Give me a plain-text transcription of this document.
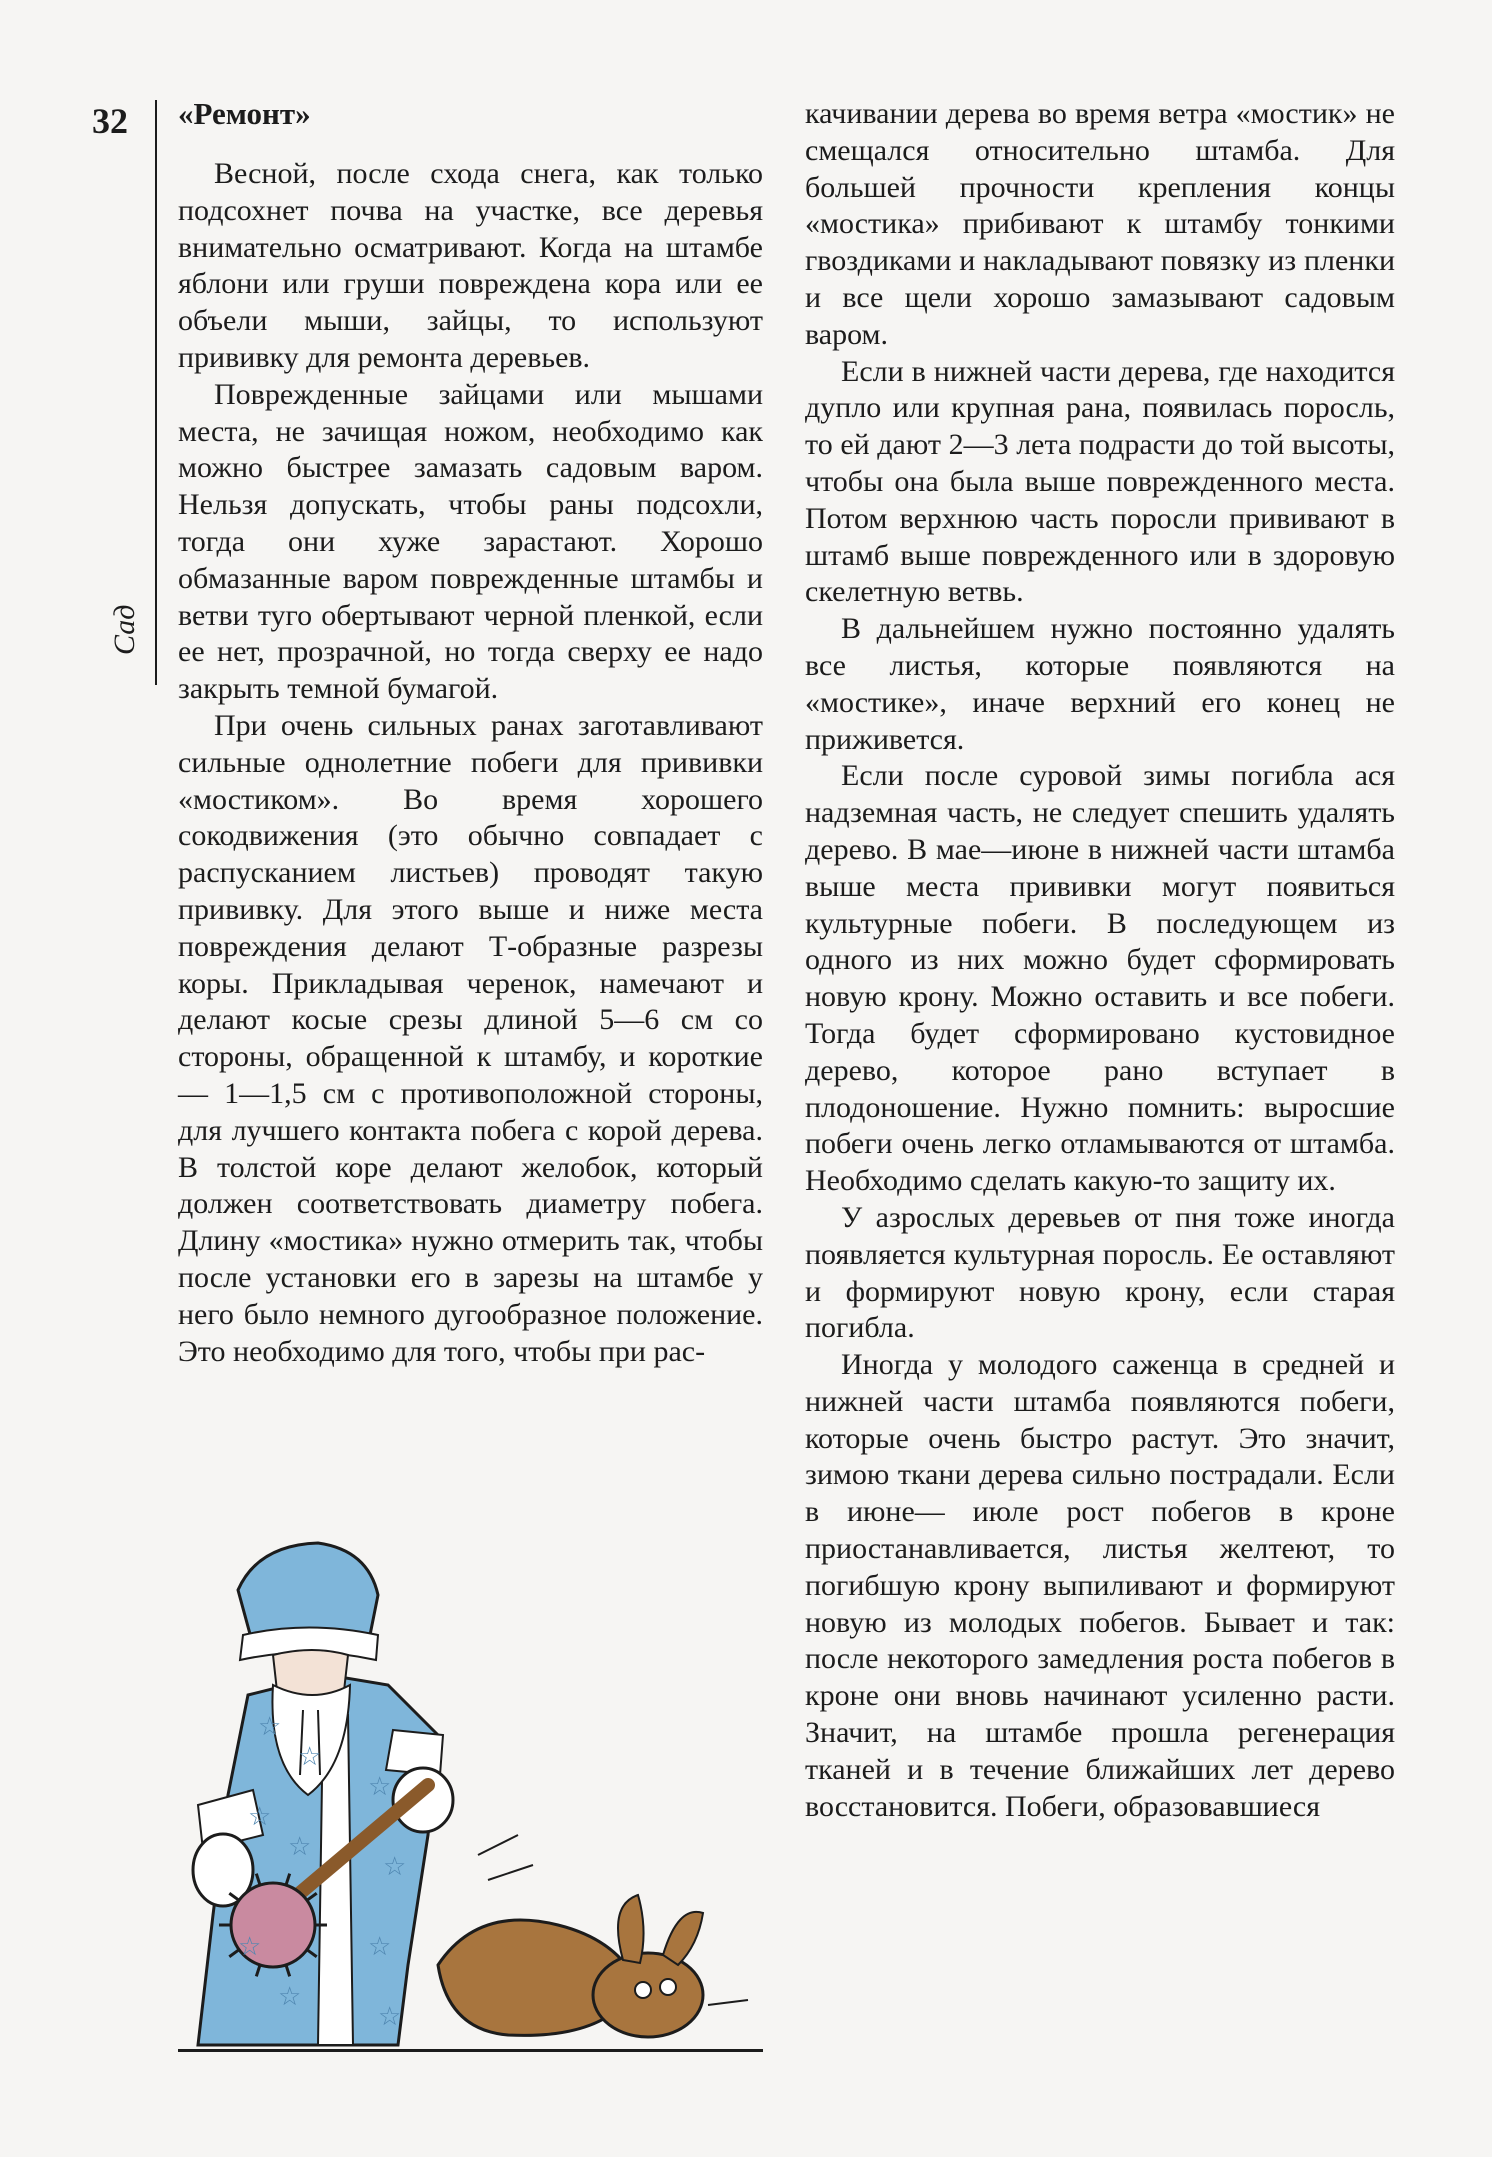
32
Сад
«Ремонт»

Весной, после схода снега, как только подсохнет почва на участке, все деревья внимательно осматривают. Когда на штамбе яблони или груши повреждена кора или ее объели мыши, зайцы, то используют прививку для ремонта деревьев.

Поврежденные зайцами или мышами места, не зачищая ножом, необходимо как можно быстрее замазать садовым варом. Нельзя допускать, чтобы раны подсохли, тогда они хуже зарастают. Хорошо обмазанные варом поврежденные штамбы и ветви туго обертывают черной пленкой, если ее нет, прозрачной, но тогда сверху ее надо закрыть темной бумагой.

При очень сильных ранах заготавливают сильные однолетние побеги для прививки «мостиком». Во время хорошего сокодвижения (это обычно совпадает с распусканием листьев) проводят такую прививку. Для этого выше и ниже места повреждения делают Т-образные разрезы коры. Прикладывая черенок, намечают и делают косые срезы длиной 5—6 см со стороны, обращенной к штамбу, и короткие — 1—1,5 см с противоположной стороны, для лучшего контакта побега с корой дерева. В толстой коре делают желобок, который должен соответствовать диаметру побега. Длину «мостика» нужно отмерить так, чтобы после установки его в зарезы на штамбе у него было немного дугообразное положение. Это необходимо для того, чтобы при рас-

качивании дерева во время ветра «мостик» не смещался относительно штамба. Для большей прочности крепления концы «мостика» прибивают к штамбу тонкими гвоздиками и накладывают повязку из пленки и все щели хорошо замазывают садовым варом.

Если в нижней части дерева, где находится дупло или крупная рана, появилась поросль, то ей дают 2—3 лета подрасти до той высоты, чтобы она была выше поврежденного места. Потом верхнюю часть поросли прививают в штамб выше поврежденного или в здоровую скелетную ветвь.

В дальнейшем нужно постоянно удалять все листья, которые появляются на «мостике», иначе верхний его конец не приживется.

Если после суровой зимы погибла ася надземная часть, не следует спешить удалять дерево. В мае—июне в нижней части штамба выше места прививки могут появиться культурные побеги. В последующем из одного из них можно будет сформировать новую крону. Можно оставить и все побеги. Тогда будет сформировано кустовидное дерево, которое рано вступает в плодоношение. Нужно помнить: выросшие побеги очень легко отламываются от штамба. Необходимо сделать какую-то защиту их.

У азрослых деревьев от пня тоже иногда появляется культурная поросль. Ее оставляют и формируют новую крону, если старая погибла.

Иногда у молодого саженца в средней и нижней части штамба появляются побеги, которые очень быстро растут. Это значит, зимою ткани дерева сильно пострадали. Если в июне— июле рост побегов в кроне приостанавливается, листья желтеют, то погибшую крону выпиливают и формируют новую из молодых побегов. Бывает и так: после некоторого замедления роста побегов в кроне они вновь начинают усиленно расти. Значит, на штамбе прошла регенерация тканей и в течение ближайших лет дерево восстановится. Побеги, образовавшиеся

☆
☆
☆
☆
☆
☆
☆	☆
☆
☆
